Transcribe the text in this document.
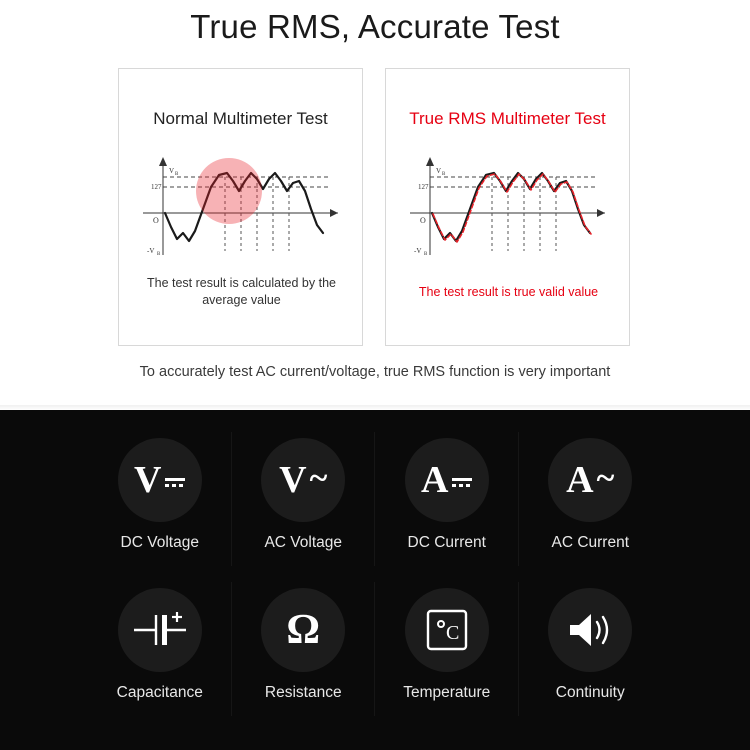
True RMS, Accurate Test
Normal Multimeter Test
V B
127
O
-V B
The test result is calculated by the average value
True RMS Multimeter Test
V B
127
O
-V B
The test result is true valid value
To accurately test AC current/voltage, true RMS function is very important
V
DC Voltage
V ~
AC Voltage
A
DC Current
A ~
AC Current
Capacitance
Ω
Resistance
C
Temperature	Continuity
